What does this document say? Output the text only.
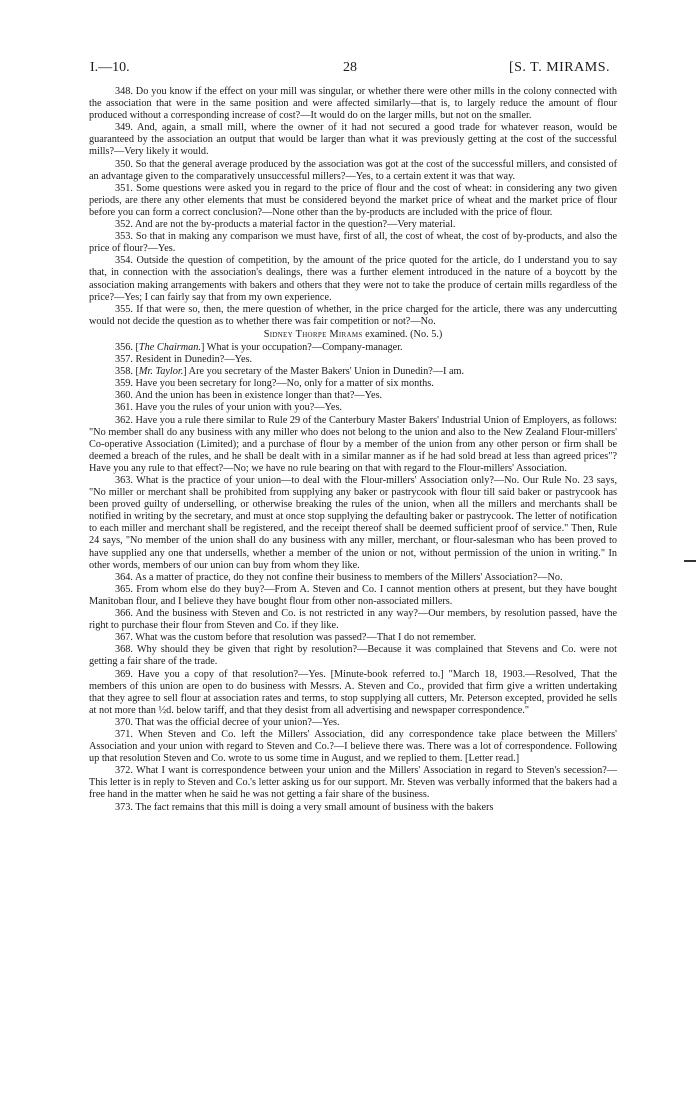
I.—10.	28	[S. T. MIRAMS.

348. Do you know if the effect on your mill was singular, or whether there were other mills in the colony connected with the association that were in the same position and were affected similarly—that is, to largely reduce the amount of flour produced without a corresponding increase of cost?—It would do on the larger mills, but not on the smaller.

349. And, again, a small mill, where the owner of it had not secured a good trade for whatever reason, would be guaranteed by the association an output that would be larger than what it was previously getting at the cost of the successful mills?—Very likely it would.

350. So that the general average produced by the association was got at the cost of the successful millers, and consisted of an advantage given to the comparatively unsuccessful millers?—Yes, to a certain extent it was that way.

351. Some questions were asked you in regard to the price of flour and the cost of wheat: in considering any two given periods, are there any other elements that must be considered beyond the market price of wheat and the market price of flour before you can form a correct conclusion?—None other than the by-products are included with the price of flour.

352. And are not the by-products a material factor in the question?—Very material.

353. So that in making any comparison we must have, first of all, the cost of wheat, the cost of by-products, and also the price of flour?—Yes.

354. Outside the question of competition, by the amount of the price quoted for the article, do I understand you to say that, in connection with the association's dealings, there was a further element introduced in the nature of a boycott by the association making arrangements with bakers and others that they were not to take the produce of certain mills regardless of the price?—Yes; I can fairly say that from my own experience.

355. If that were so, then, the mere question of whether, in the price charged for the article, there was any undercutting would not decide the question as to whether there was fair competition or not?—No.

Sidney Thorpe Mirams examined. (No. 5.)

356. [The Chairman.] What is your occupation?—Company-manager.

357. Resident in Dunedin?—Yes.

358. [Mr. Taylor.] Are you secretary of the Master Bakers' Union in Dunedin?—I am.

359. Have you been secretary for long?—No, only for a matter of six months.

360. And the union has been in existence longer than that?—Yes.

361. Have you the rules of your union with you?—Yes.

362. Have you a rule there similar to Rule 29 of the Canterbury Master Bakers' Industrial Union of Employers, as follows: "No member shall do any business with any miller who does not belong to the union and also to the New Zealand Flour-millers' Co-operative Association (Limited); and a purchase of flour by a member of the union from any other person or firm shall be deemed a breach of the rules, and he shall be dealt with in a similar manner as if he had sold bread at less than agreed prices"? Have you any rule to that effect?—No; we have no rule bearing on that with regard to the Flour-millers' Association.

363. What is the practice of your union—to deal with the Flour-millers' Association only?—No. Our Rule No. 23 says, "No miller or merchant shall be prohibited from supplying any baker or pastrycook with flour till said baker or pastrycook has been proved guilty of underselling, or otherwise breaking the rules of the union, when all the millers and merchants shall be notified in writing by the secretary, and must at once stop supplying the defaulting baker or pastrycook. The letter of notification to each miller and merchant shall be registered, and the receipt thereof shall be deemed sufficient proof of service." Then, Rule 24 says, "No member of the union shall do any business with any miller, merchant, or flour-salesman who has been proved to have supplied any one that undersells, whether a member of the union or not, without permission of the union in writing." In other words, members of our union can buy from whom they like.

364. As a matter of practice, do they not confine their business to members of the Millers' Association?—No.

365. From whom else do they buy?—From A. Steven and Co. I cannot mention others at present, but they have bought Manitoban flour, and I believe they have bought flour from other non-associated millers.

366. And the business with Steven and Co. is not restricted in any way?—Our members, by resolution passed, have the right to purchase their flour from Steven and Co. if they like.

367. What was the custom before that resolution was passed?—That I do not remember.

368. Why should they be given that right by resolution?—Because it was complained that Stevens and Co. were not getting a fair share of the trade.

369. Have you a copy of that resolution?—Yes. [Minute-book referred to.] "March 18, 1903.—Resolved, That the members of this union are open to do business with Messrs. A. Steven and Co., provided that firm give a written undertaking that they agree to sell flour at association rates and terms, to stop supplying all cutters, Mr. Peterson excepted, provided he sells at not more than ½d. below tariff, and that they desist from all advertising and newspaper correspondence."

370. That was the official decree of your union?—Yes.

371. When Steven and Co. left the Millers' Association, did any correspondence take place between the Millers' Association and your union with regard to Steven and Co.?—I believe there was. There was a lot of correspondence. Following up that resolution Steven and Co. wrote to us some time in August, and we replied to them. [Letter read.]

372. What I want is correspondence between your union and the Millers' Association in regard to Steven's secession?—This letter is in reply to Steven and Co.'s letter asking us for our support. Mr. Steven was verbally informed that the bakers had a free hand in the matter when he said he was not getting a fair share of the business.

373. The fact remains that this mill is doing a very small amount of business with the bakers
